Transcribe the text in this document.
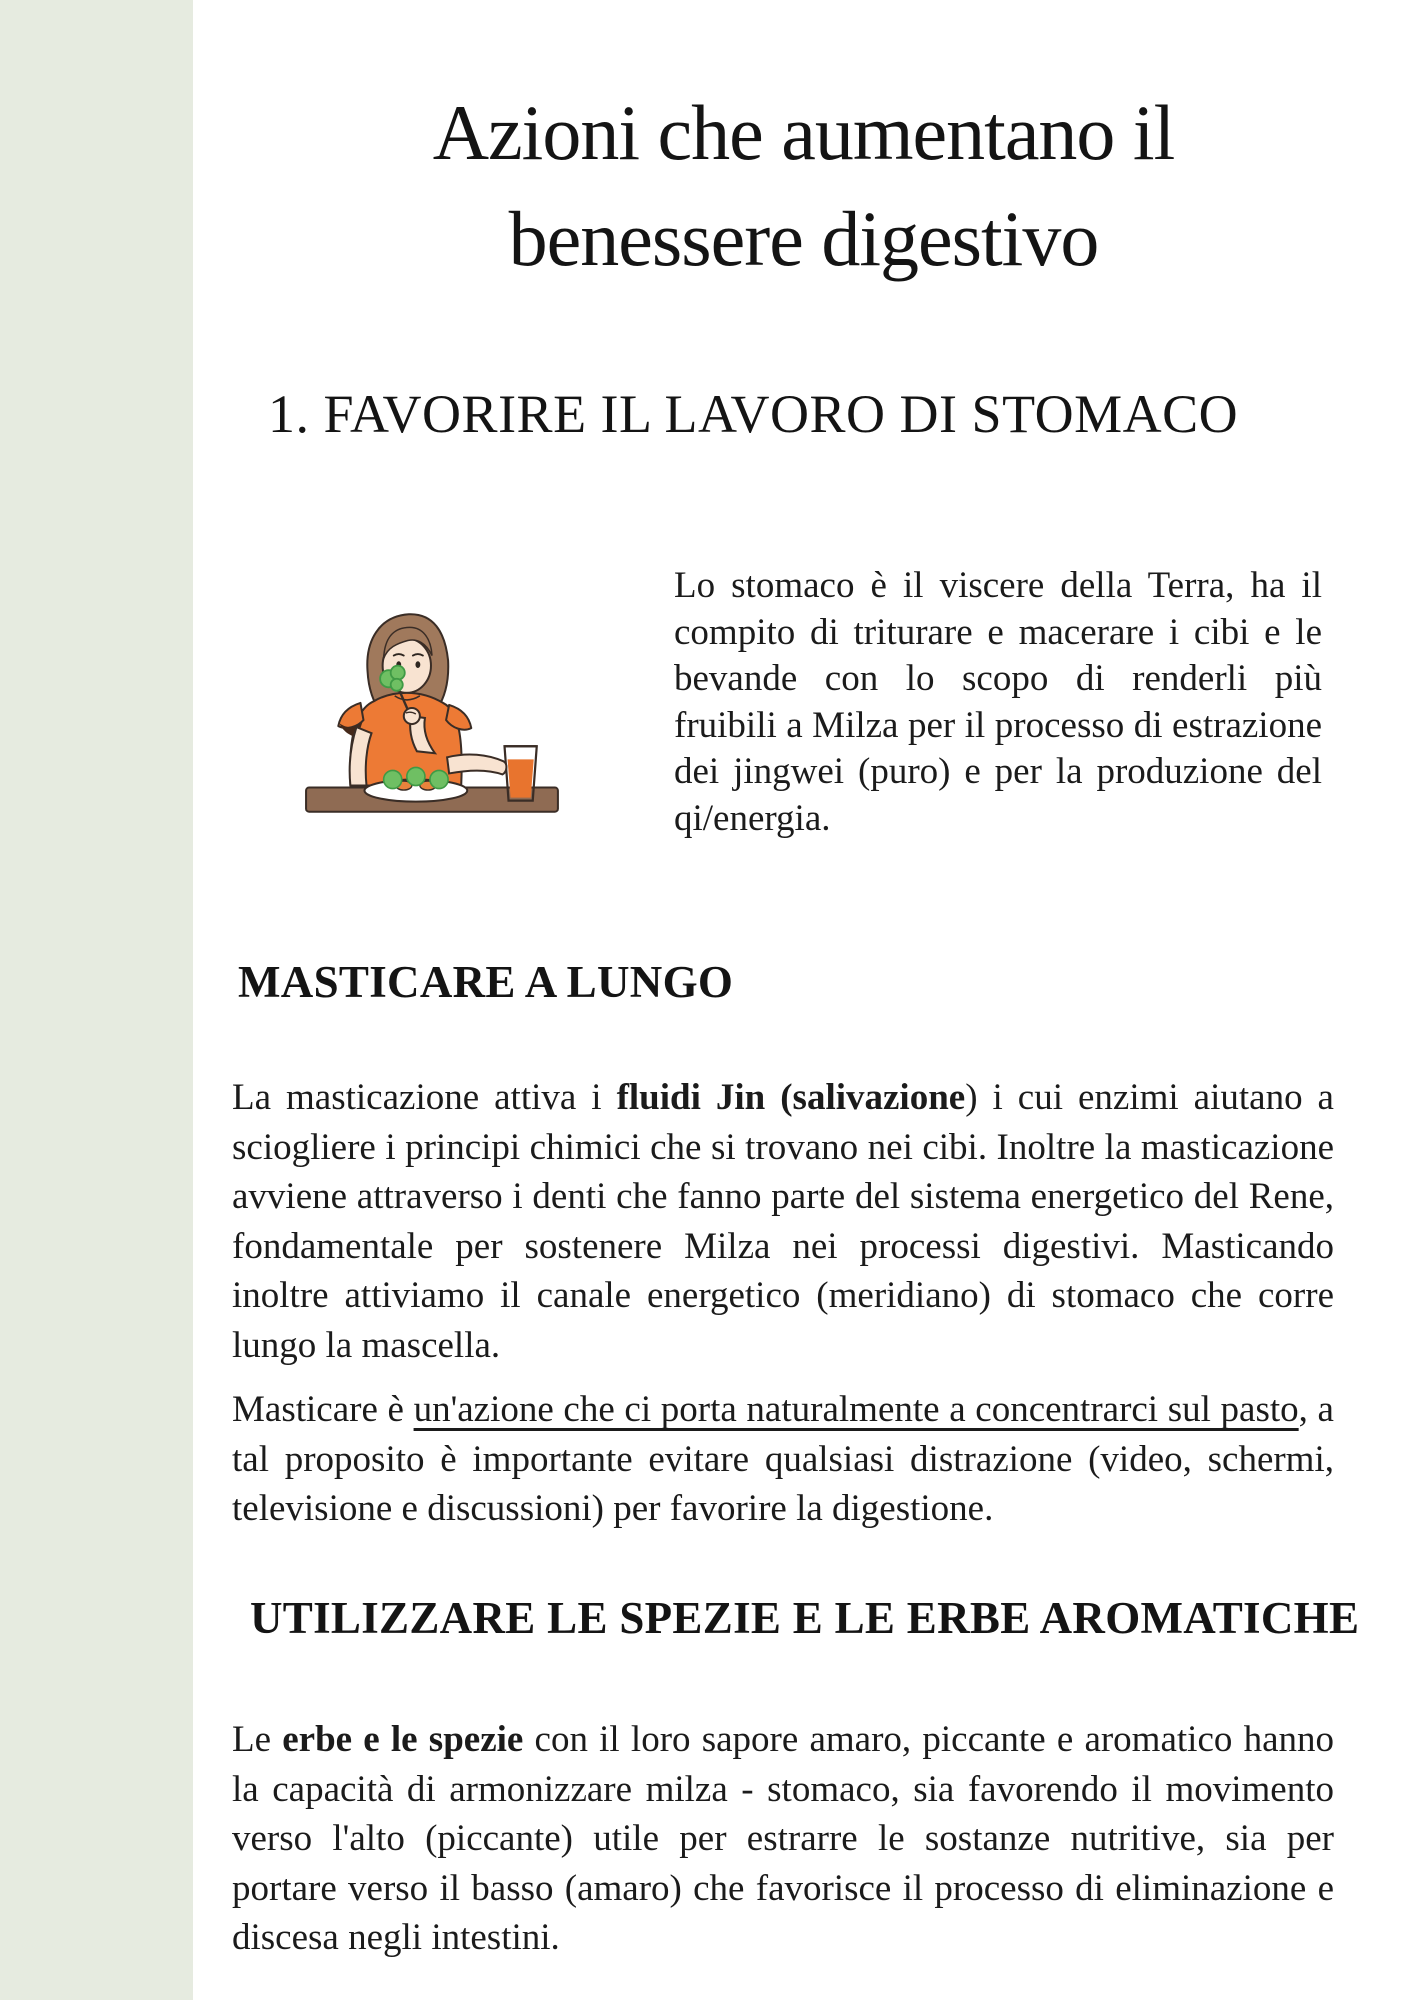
Azioni che aumentano il benessere digestivo
1. FAVORIRE IL LAVORO DI STOMACO

Lo stomaco è il viscere della Terra, ha il compito di triturare e macerare i cibi e le bevande con lo scopo di renderli più fruibili a Milza per il processo di estrazione dei jingwei (puro) e per la produzione del qi/energia.

MASTICARE A LUNGO

La masticazione attiva i fluidi Jin (salivazione) i cui enzimi aiutano a sciogliere i principi chimici che si trovano nei cibi. Inoltre la masticazione avviene attraverso i denti che fanno parte del sistema energetico del Rene, fondamentale per sostenere Milza nei processi digestivi. Masticando inoltre attiviamo il canale energetico (meridiano) di stomaco che corre lungo la mascella.

Masticare è un'azione che ci porta naturalmente a concentrarci sul pasto, a tal proposito è importante evitare qualsiasi distrazione (video, schermi, televisione e discussioni) per favorire la digestione.

UTILIZZARE LE SPEZIE E LE ERBE AROMATICHE

Le erbe e le spezie con il loro sapore amaro, piccante e aromatico hanno la capacità di armonizzare milza - stomaco, sia favorendo il movimento verso l'alto (piccante) utile per estrarre le sostanze nutritive, sia per portare verso il basso (amaro) che favorisce il processo di eliminazione e discesa negli intestini.
